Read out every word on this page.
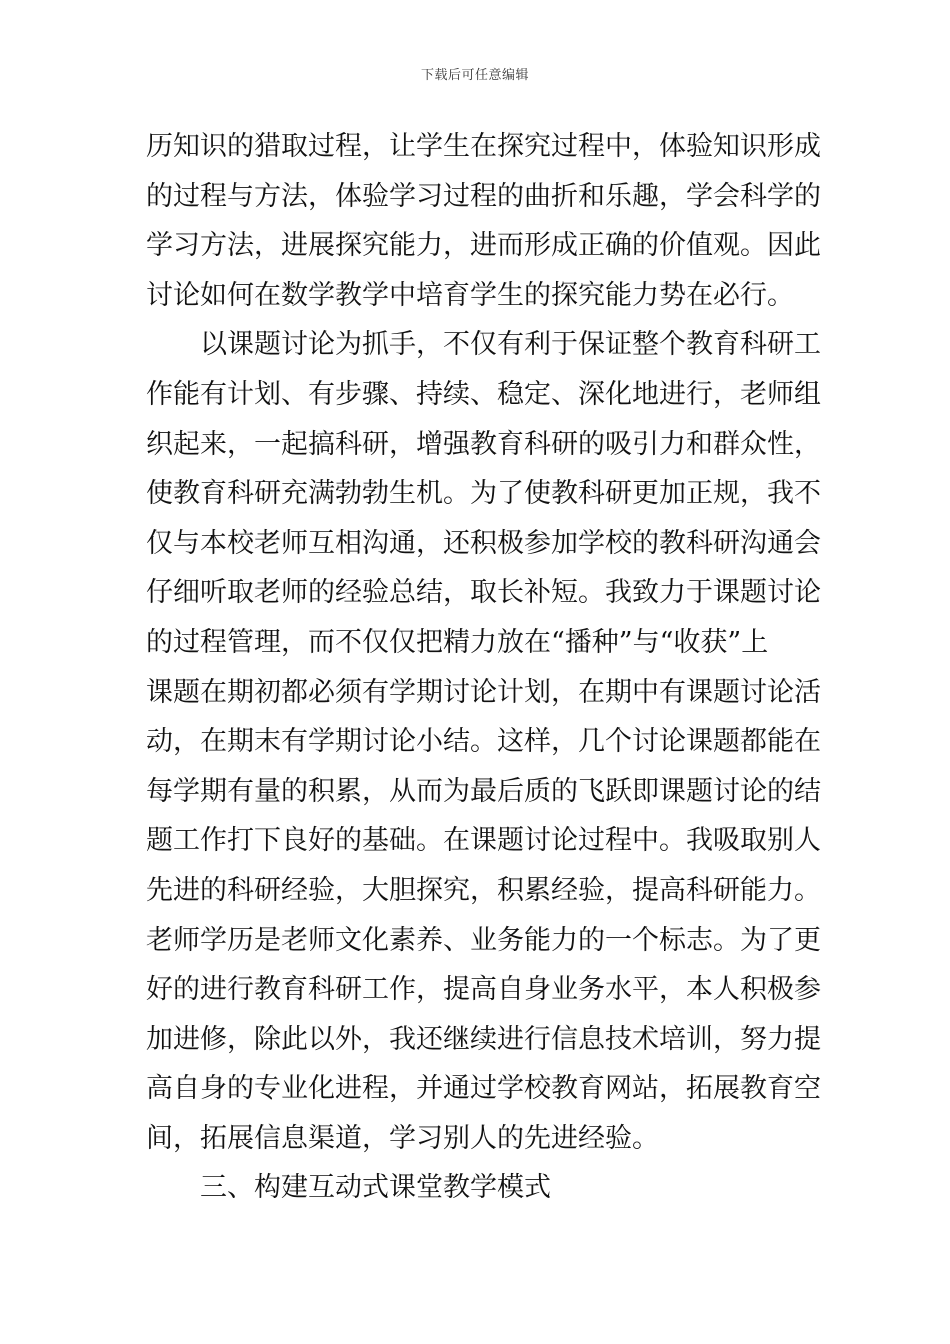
下载后可任意编辑
历知识的猎取过程，让学生在探究过程中，体验知识形成
的过程与方法，体验学习过程的曲折和乐趣，学会科学的
学习方法，进展探究能力，进而形成正确的价值观。因此
讨论如何在数学教学中培育学生的探究能力势在必行。
以课题讨论为抓手，不仅有利于保证整个教育科研工
作能有计划、有步骤、持续、稳定、深化地进行，老师组
织起来，一起搞科研，增强教育科研的吸引力和群众性，
使教育科研充满勃勃生机。为了使教科研更加正规，我不
仅与本校老师互相沟通，还积极参加学校的教科研沟通会
仔细听取老师的经验总结，取长补短。我致力于课题讨论
的过程管理，而不仅仅把精力放在“播种”与“收获”上
课题在期初都必须有学期讨论计划，在期中有课题讨论活
动，在期末有学期讨论小结。这样，几个讨论课题都能在
每学期有量的积累，从而为最后质的飞跃即课题讨论的结
题工作打下良好的基础。在课题讨论过程中。我吸取别人
先进的科研经验，大胆探究，积累经验，提高科研能力。
老师学历是老师文化素养、业务能力的一个标志。为了更
好的进行教育科研工作，提高自身业务水平，本人积极参
加进修，除此以外，我还继续进行信息技术培训，努力提
高自身的专业化进程，并通过学校教育网站，拓展教育空
间，拓展信息渠道，学习别人的先进经验。
三、构建互动式课堂教学模式
